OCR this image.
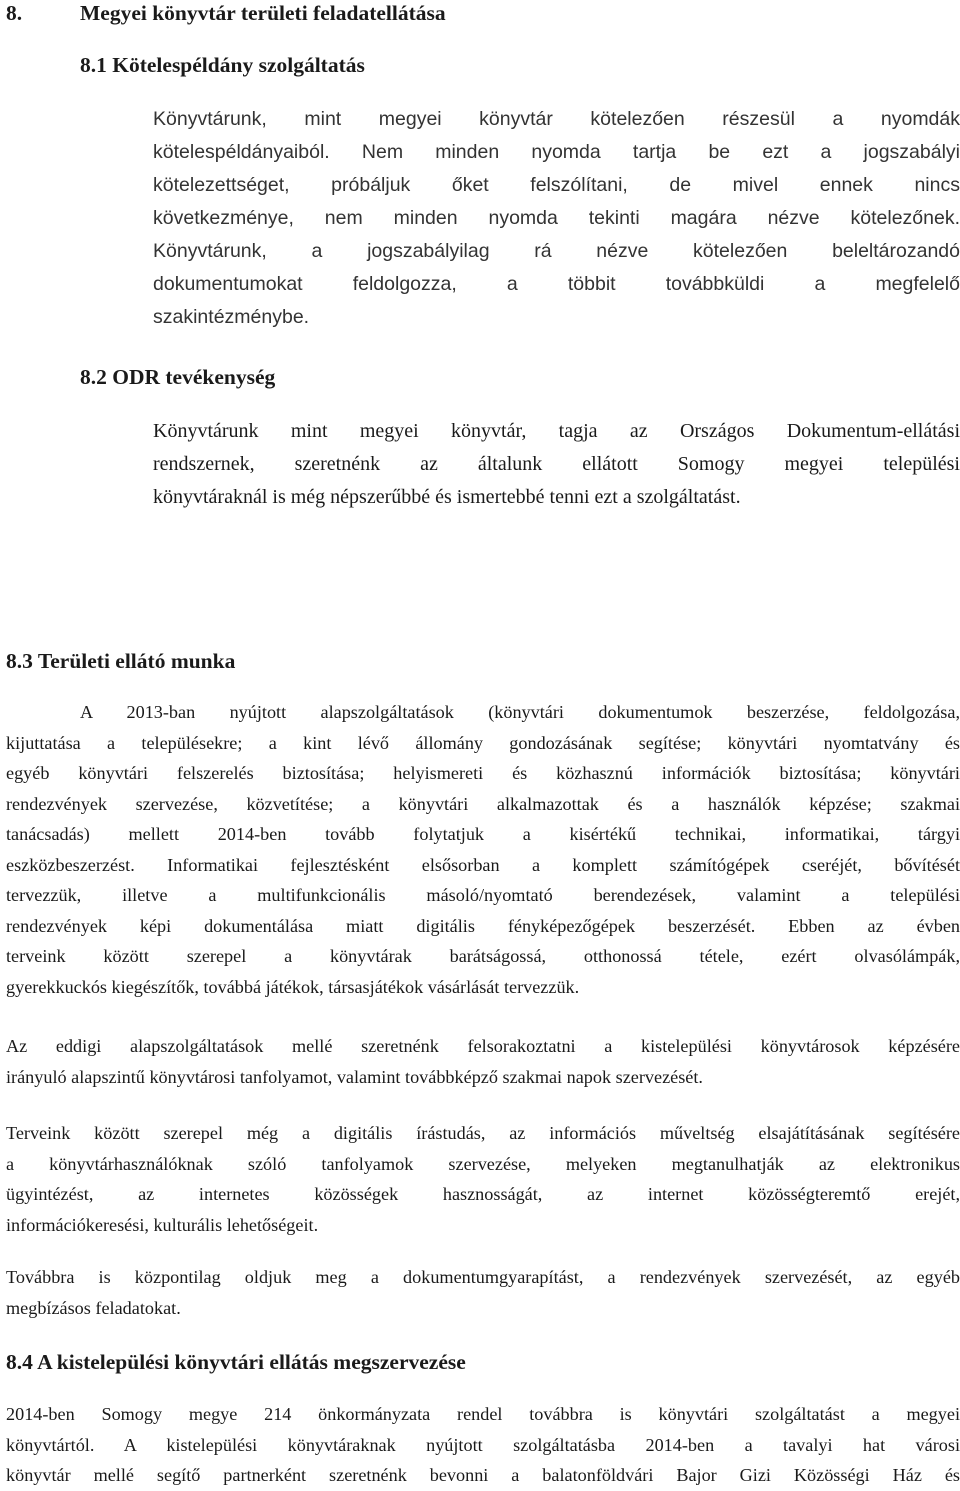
8.	Megyei könyvtár területi feladatellátása
8.1 Kötelespéldány szolgáltatás
Könyvtárunk, mint megyei könyvtár kötelezően részesül a nyomdák
kötelespéldányaiból. Nem minden nyomda tartja be ezt a jogszabályi
kötelezettséget, próbáljuk őket felszólítani, de mivel ennek nincs
következménye, nem minden nyomda tekinti magára nézve kötelezőnek.
Könyvtárunk, a jogszabályilag rá nézve kötelezően beleltározandó
dokumentumokat feldolgozza, a többit továbbküldi a megfelelő
szakintézménybe.
8.2 ODR tevékenység
Könyvtárunk mint megyei könyvtár, tagja az Országos Dokumentum-ellátási
rendszernek, szeretnénk az általunk ellátott Somogy megyei települési
könyvtáraknál is még népszerűbbé és ismertebbé tenni ezt a szolgáltatást.
8.3 Területi ellátó munka
A 2013-ban nyújtott alapszolgáltatások (könyvtári dokumentumok beszerzése, feldolgozása,
kijuttatása a településekre; a kint lévő állomány gondozásának segítése; könyvtári nyomtatvány és
egyéb könyvtári felszerelés biztosítása; helyismereti és közhasznú információk biztosítása; könyvtári
rendezvények szervezése, közvetítése; a könyvtári alkalmazottak és a használók képzése; szakmai
tanácsadás) mellett 2014-ben tovább folytatjuk a kisértékű technikai, informatikai, tárgyi
eszközbeszerzést. Informatikai fejlesztésként elsősorban a komplett számítógépek cseréjét, bővítését
tervezzük, illetve a multifunkcionális másoló/nyomtató berendezések, valamint a települési
rendezvények képi dokumentálása miatt digitális fényképezőgépek beszerzését. Ebben az évben
terveink között szerepel a könyvtárak barátságossá, otthonossá tétele, ezért olvasólámpák,
gyerekkuckós kiegészítők, továbbá játékok, társasjátékok vásárlását tervezzük.
Az eddigi alapszolgáltatások mellé szeretnénk felsorakoztatni a kistelepülési könyvtárosok képzésére
irányuló alapszintű könyvtárosi tanfolyamot, valamint továbbképző szakmai napok szervezését.
Terveink között szerepel még a digitális írástudás, az információs műveltség elsajátításának segítésére
a könyvtárhasználóknak szóló tanfolyamok szervezése, melyeken megtanulhatják az elektronikus
ügyintézést, az internetes közösségek hasznosságát, az internet közösségteremtő erejét,
információkeresési, kulturális lehetőségeit.
Továbbra is központilag oldjuk meg a dokumentumgyarapítást, a rendezvények szervezését, az egyéb
megbízásos feladatokat.
8.4 A kistelepülési könyvtári ellátás megszervezése
2014-ben Somogy megye 214 önkormányzata rendel továbbra is könyvtári szolgáltatást a megyei
könyvtártól. A kistelepülési könyvtáraknak nyújtott szolgáltatásba 2014-ben a tavalyi hat városi
könyvtár mellé segítő partnerként szeretnénk bevonni a balatonföldvári Bajor Gizi Közösségi Ház és
